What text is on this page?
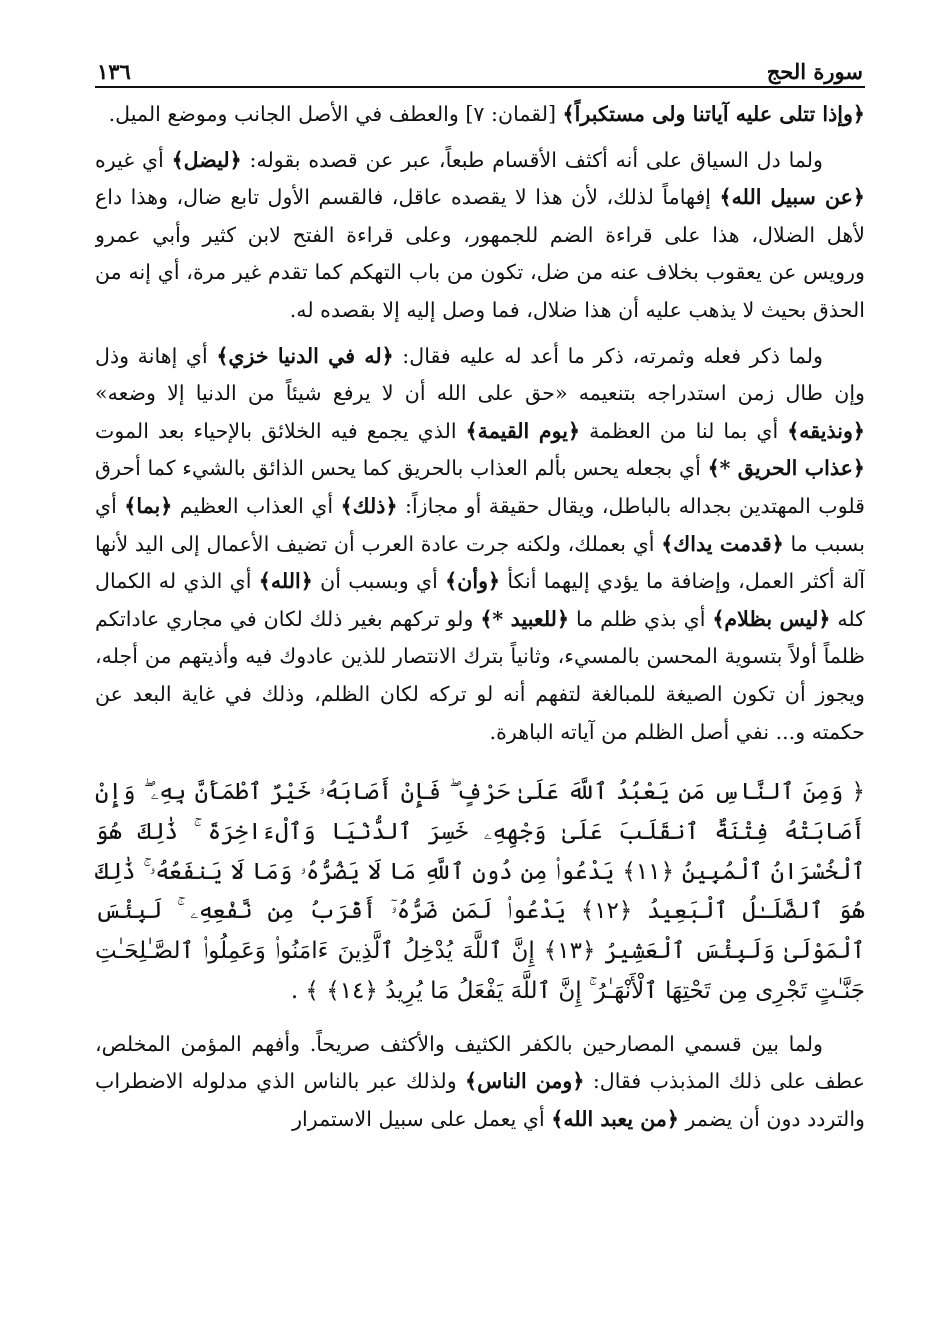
سورة الحج
١٣٦

﴿وإذا تتلى عليه آياتنا ولى مستكبراً﴾ [لقمان: ٧] والعطف في الأصل الجانب وموضع الميل.

ولما دل السياق على أنه أكثف الأقسام طبعاً، عبر عن قصده بقوله: ﴿ليضل﴾ أي غيره ﴿عن سبيل الله﴾ إفهاماً لذلك، لأن هذا لا يقصده عاقل، فالقسم الأول تابع ضال، وهذا داع لأهل الضلال، هذا على قراءة الضم للجمهور، وعلى قراءة الفتح لابن كثير وأبي عمرو ورويس عن يعقوب بخلاف عنه من ضل، تكون من باب التهكم كما تقدم غير مرة، أي إنه من الحذق بحيث لا يذهب عليه أن هذا ضلال، فما وصل إليه إلا بقصده له.

ولما ذكر فعله وثمرته، ذكر ما أعد له عليه فقال: ﴿له في الدنيا خزي﴾ أي إهانة وذل وإن طال زمن استدراجه بتنعيمه «حق على الله أن لا يرفع شيئاً من الدنيا إلا وضعه» ﴿ونذيقه﴾ أي بما لنا من العظمة ﴿يوم القيمة﴾ الذي يجمع فيه الخلائق بالإحياء بعد الموت ﴿عذاب الحريق *﴾ أي بجعله يحس بألم العذاب بالحريق كما يحس الذائق بالشيء كما أحرق قلوب المهتدين بجداله بالباطل، ويقال حقيقة أو مجازاً: ﴿ذلك﴾ أي العذاب العظيم ﴿بما﴾ أي بسبب ما ﴿قدمت يداك﴾ أي بعملك، ولكنه جرت عادة العرب أن تضيف الأعمال إلى اليد لأنها آلة أكثر العمل، وإضافة ما يؤدي إليهما أنكأ ﴿وأن﴾ أي وبسبب أن ﴿الله﴾ أي الذي له الكمال كله ﴿ليس بظلام﴾ أي بذي ظلم ما ﴿للعبيد *﴾ ولو تركهم بغير ذلك لكان في مجاري عاداتكم ظلماً أولاً بتسوية المحسن بالمسيء، وثانياً بترك الانتصار للذين عادوك فيه وأذيتهم من أجله، ويجوز أن تكون الصيغة للمبالغة لتفهم أنه لو تركه لكان الظلم، وذلك في غاية البعد عن حكمته و... نفي أصل الظلم من آياته الباهرة.

﴿ وَمِنَ ٱلنَّاسِ مَن يَعْبُدُ ٱللَّهَ عَلَىٰ حَرْفٍ ۖ فَإِنْ أَصَابَهُۥ خَيْرٌ ٱطْمَأَنَّ بِهِۦ ۖ وَإِنْ أَصَابَتْهُ فِتْنَةٌ ٱنقَلَبَ عَلَىٰ وَجْهِهِۦ خَسِرَ ٱلدُّنْيَا وَٱلْءَاخِرَةَ ۚ ذَٰلِكَ هُوَ ٱلْخُسْرَانُ ٱلْمُبِينُ ﴿١١﴾ يَدْعُوا۟ مِن دُونِ ٱللَّهِ مَا لَا يَضُرُّهُۥ وَمَا لَا يَنفَعُهُۥ ۚ ذَٰلِكَ هُوَ ٱلضَّلَـٰلُ ٱلْبَعِيدُ ﴿١٢﴾ يَدْعُوا۟ لَمَن ضَرُّهُۥٓ أَقْرَبُ مِن نَّفْعِهِۦ ۚ لَبِئْسَ ٱلْمَوْلَىٰ وَلَبِئْسَ ٱلْعَشِيرُ ﴿١٣﴾ إِنَّ ٱللَّهَ يُدْخِلُ ٱلَّذِينَ ءَامَنُوا۟ وَعَمِلُوا۟ ٱلصَّـٰلِحَـٰتِ جَنَّـٰتٍ تَجْرِى مِن تَحْتِهَا ٱلْأَنْهَـٰرُ ۚ إِنَّ ٱللَّهَ يَفْعَلُ مَا يُرِيدُ ﴿١٤﴾ ﴾ .

ولما بين قسمي المصارحين بالكفر الكثيف والأكثف صريحاً. وأفهم المؤمن المخلص، عطف على ذلك المذبذب فقال: ﴿ومن الناس﴾ ولذلك عبر بالناس الذي مدلوله الاضطراب والتردد دون أن يضمر ﴿من يعبد الله﴾ أي يعمل على سبيل الاستمرار
